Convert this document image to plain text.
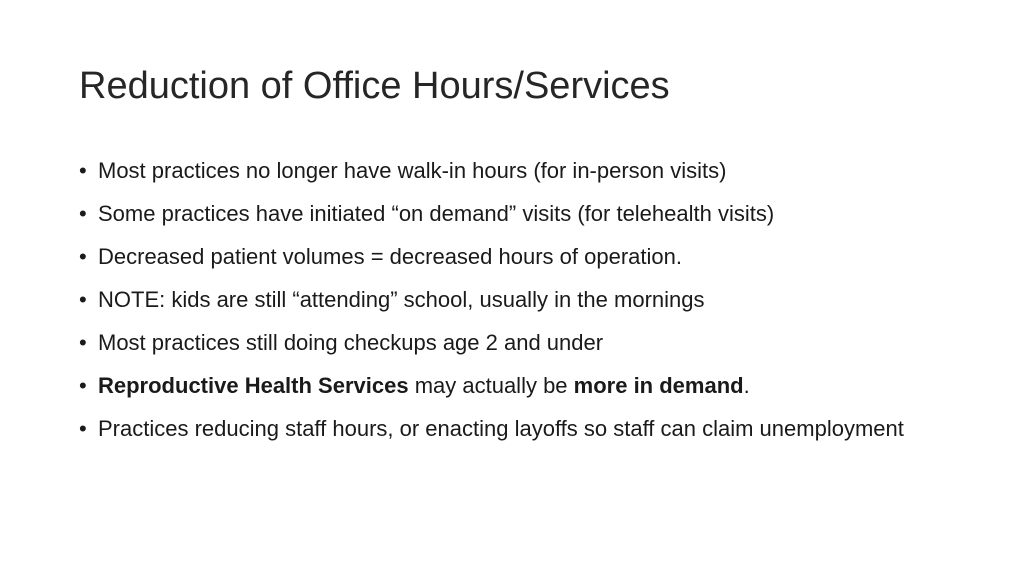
Reduction of Office Hours/Services
• Most practices no longer have walk-in hours (for in-person visits)
• Some practices have initiated “on demand” visits (for telehealth visits)
• Decreased patient volumes = decreased hours of operation.
• NOTE: kids are still “attending” school, usually in the mornings
• Most practices still doing checkups age 2 and under
• Reproductive Health Services may actually be more in demand.
• Practices reducing staff hours, or enacting layoffs so staff can claim unemployment
